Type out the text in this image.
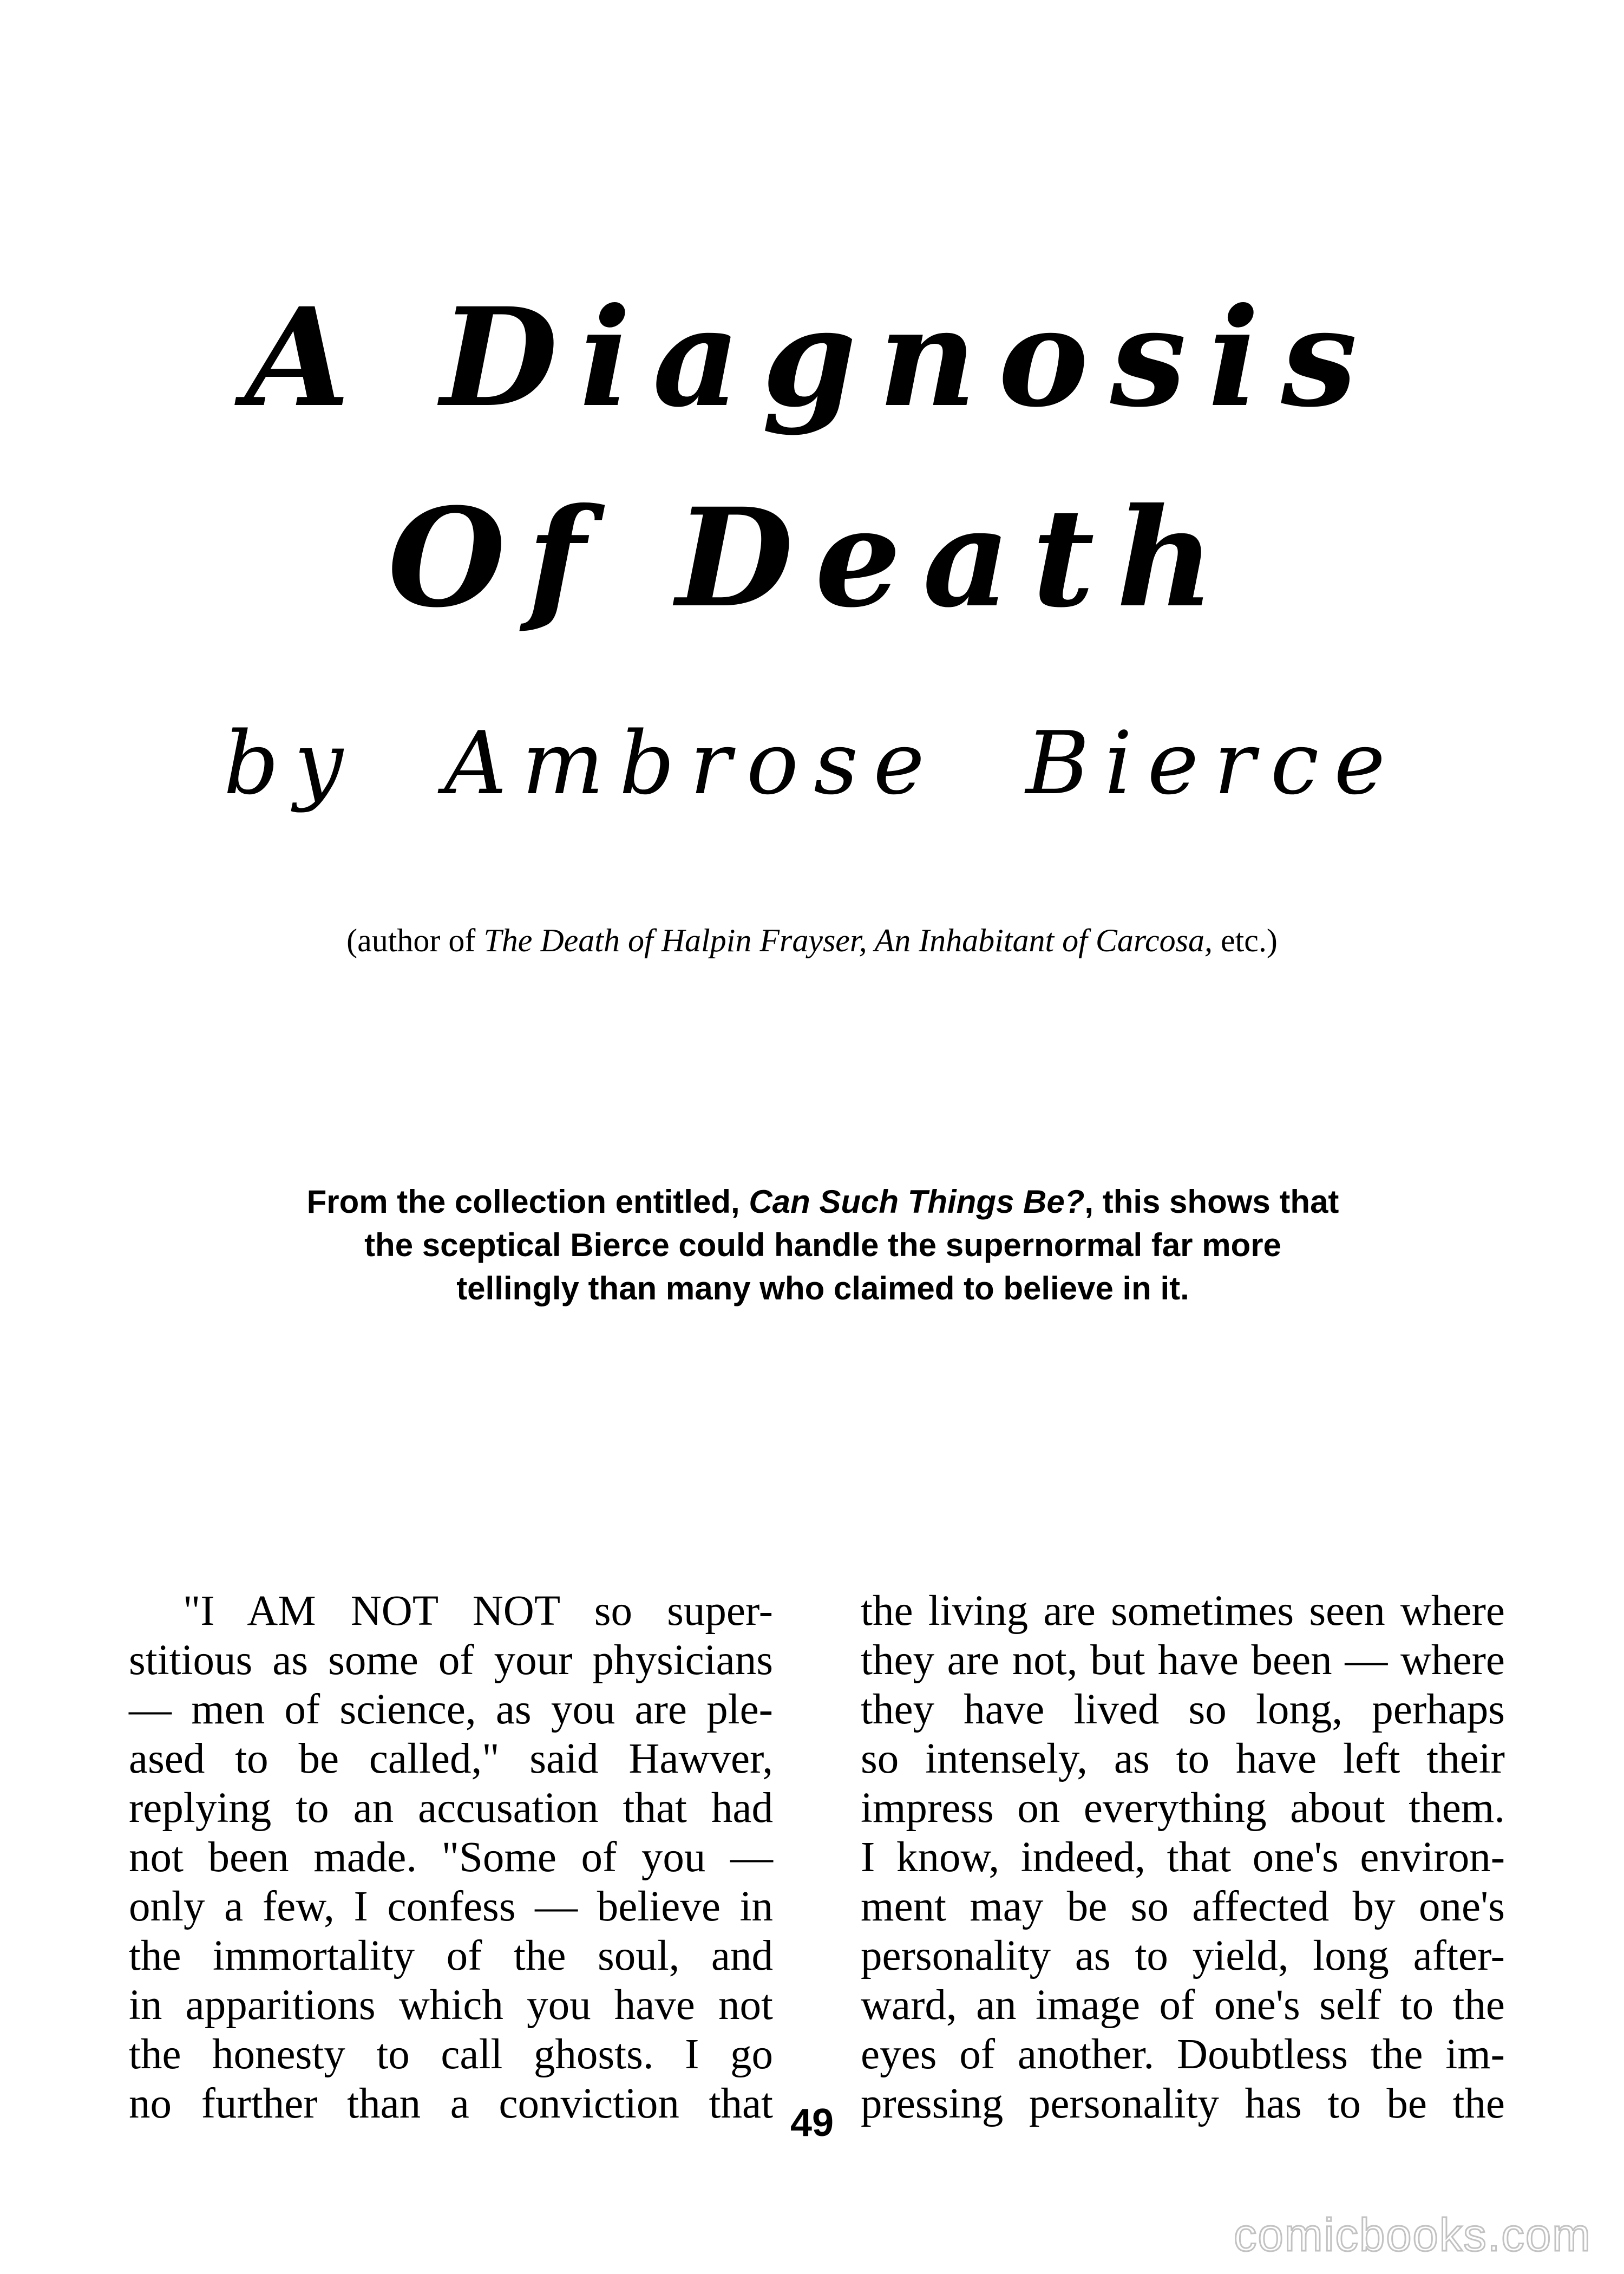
A Diagnosis
Of Death
by Ambrose Bierce
(author of The Death of Halpin Frayser, An Inhabitant of Carcosa, etc.)
From the collection entitled, Can Such Things Be?, this shows that the sceptical Bierce could handle the supernormal far more tellingly than many who claimed to believe in it.
"I AM NOT NOT so super-
stitious as some of your physicians
— men of science, as you are ple-
ased to be called," said Hawver,
replying to an accusation that had
not been made. "Some of you —
only a few, I confess — believe in
the immortality of the soul, and
in apparitions which you have not
the honesty to call ghosts. I go
no further than a conviction that
the living are sometimes seen where
they are not, but have been — where
they have lived so long, perhaps
so intensely, as to have left their
impress on everything about them.
I know, indeed, that one's environ-
ment may be so affected by one's
personality as to yield, long after-
ward, an image of one's self to the
eyes of another. Doubtless the im-
pressing personality has to be the
49
comicbooks.com
